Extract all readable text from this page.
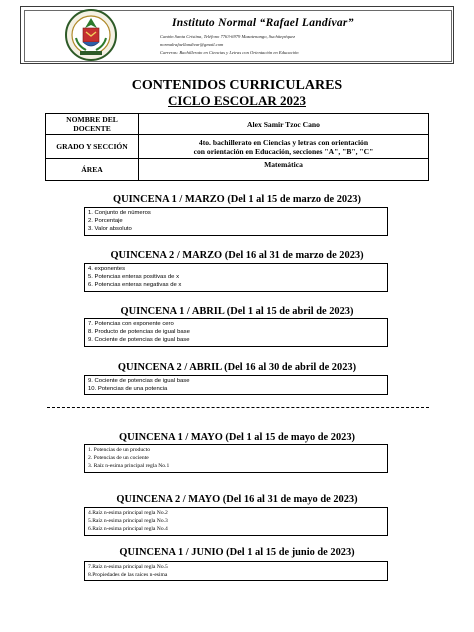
Instituto Normal “Rafael Landívar”
Cantón Santa Cristina, Teléfono 7763-6979 Mazatenango, Suchitepéquez
normalrafaellandivar@gmail.com
Carreras: Bachillerato en Ciencias y Letras con Orientación en Educación
CONTENIDOS CURRICULARES
CICLO ESCOLAR 2023
NOMBRE DEL DOCENTE	Alex Samir Tzoc Cano
GRADO Y SECCIÓN	4to. bachillerato en Ciencias y letras con orientación
con orientación en Educación, secciones "A", "B", "C"
ÁREA	Matemática
QUINCENA 1 / MARZO (Del 1 al 15 de marzo de 2023)
1. Conjunto de números
2. Porcentaje
3. Valor absoluto
QUINCENA 2 / MARZO (Del 16 al 31 de marzo de 2023)
4. exponentes
5. Potencias enteras positivas de x
6. Potencias enteras negativas de x
QUINCENA 1 / ABRIL (Del 1 al 15 de abril de 2023)
7. Potencias con exponente cero
8. Producto de potencias de igual base
9. Cociente de potencias de igual base
QUINCENA 2 / ABRIL (Del 16 al 30 de abril de 2023)
9. Cociente de potencias de igual base
10. Potencias de una potencia
QUINCENA 1 / MAYO (Del 1 al 15 de mayo de 2023)
1. Potencias de un producto
2. Potencias de un cociente
3. Raíz n-esima principal regla No.1
QUINCENA 2 / MAYO (Del 16 al 31 de mayo de 2023)
4.Raíz n-esima principal regla No.2
5.Raíz n-esima principal regla No.3
6.Raíz n-esima principal regla No.4
QUINCENA 1 / JUNIO (Del 1 al 15 de junio de 2023)
7.Raíz n-esima principal regla No.5
8.Propiedades de las raíces n-esima
